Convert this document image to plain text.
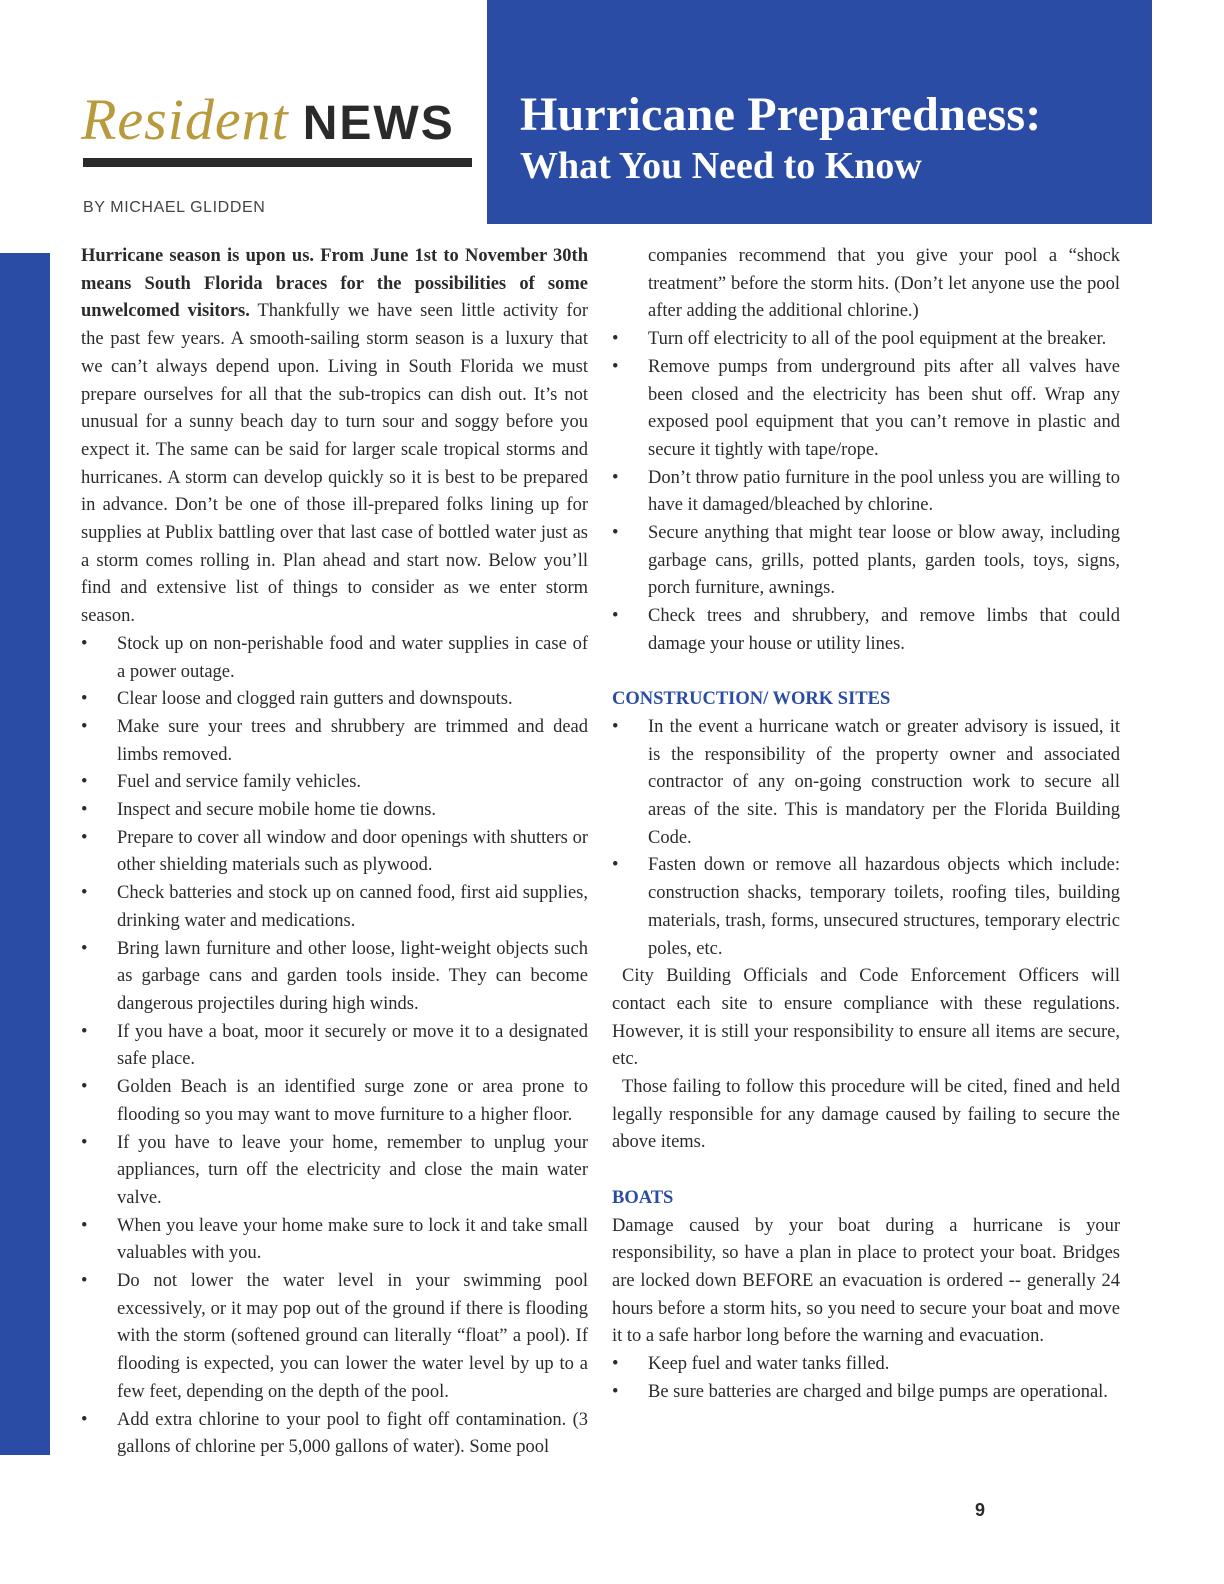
Hurricane Preparedness:
What You Need to Know
Resident NEWS
BY MICHAEL GLIDDEN

Hurricane season is upon us. From June 1st to November 30th means South Florida braces for the possibilities of some unwelcomed visitors. Thankfully we have seen little activity for the past few years. A smooth-sailing storm season is a luxury that we can’t always depend upon. Living in South Florida we must prepare ourselves for all that the sub-tropics can dish out. It’s not unusual for a sunny beach day to turn sour and soggy before you expect it. The same can be said for larger scale tropical storms and hurricanes. A storm can develop quickly so it is best to be prepared in advance. Don’t be one of those ill-prepared folks lining up for supplies at Publix battling over that last case of bottled water just as a storm comes rolling in. Plan ahead and start now. Below you’ll find and extensive list of things to consider as we enter storm season.

• Stock up on non-perishable food and water supplies in case of a power outage.
• Clear loose and clogged rain gutters and downspouts.
• Make sure your trees and shrubbery are trimmed and dead limbs removed.
• Fuel and service family vehicles.
• Inspect and secure mobile home tie downs.
• Prepare to cover all window and door openings with shutters or other shielding materials such as plywood.
• Check batteries and stock up on canned food, first aid supplies, drinking water and medications.
• Bring lawn furniture and other loose, light-weight objects such as garbage cans and garden tools inside. They can become dangerous projectiles during high winds.
• If you have a boat, moor it securely or move it to a designated safe place.
• Golden Beach is an identified surge zone or area prone to flooding so you may want to move furniture to a higher floor.
• If you have to leave your home, remember to unplug your appliances, turn off the electricity and close the main water valve.
• When you leave your home make sure to lock it and take small valuables with you.
• Do not lower the water level in your swimming pool excessively, or it may pop out of the ground if there is flooding with the storm (softened ground can literally “float” a pool). If flooding is expected, you can lower the water level by up to a few feet, depending on the depth of the pool.
• Add extra chlorine to your pool to fight off contamination. (3 gallons of chlorine per 5,000 gallons of water). Some pool
companies recommend that you give your pool a “shock treatment” before the storm hits. (Don’t let anyone use the pool after adding the additional chlorine.)
• Turn off electricity to all of the pool equipment at the breaker.
• Remove pumps from underground pits after all valves have been closed and the electricity has been shut off. Wrap any exposed pool equipment that you can’t remove in plastic and secure it tightly with tape/rope.
• Don’t throw patio furniture in the pool unless you are willing to have it damaged/bleached by chlorine.
• Secure anything that might tear loose or blow away, including garbage cans, grills, potted plants, garden tools, toys, signs, porch furniture, awnings.
• Check trees and shrubbery, and remove limbs that could damage your house or utility lines.
CONSTRUCTION/ WORK SITES
• In the event a hurricane watch or greater advisory is issued, it is the responsibility of the property owner and associated contractor of any on-going construction work to secure all areas of the site. This is mandatory per the Florida Building Code.
• Fasten down or remove all hazardous objects which include: construction shacks, temporary toilets, roofing tiles, building materials, trash, forms, unsecured structures, temporary electric poles, etc.

City Building Officials and Code Enforcement Officers will contact each site to ensure compliance with these regulations. However, it is still your responsibility to ensure all items are secure, etc.

Those failing to follow this procedure will be cited, fined and held legally responsible for any damage caused by failing to secure the above items.

BOATS

Damage caused by your boat during a hurricane is your responsibility, so have a plan in place to protect your boat. Bridges are locked down BEFORE an evacuation is ordered -- generally 24 hours before a storm hits, so you need to secure your boat and move it to a safe harbor long before the warning and evacuation.

• Keep fuel and water tanks filled.
• Be sure batteries are charged and bilge pumps are operational.
9
